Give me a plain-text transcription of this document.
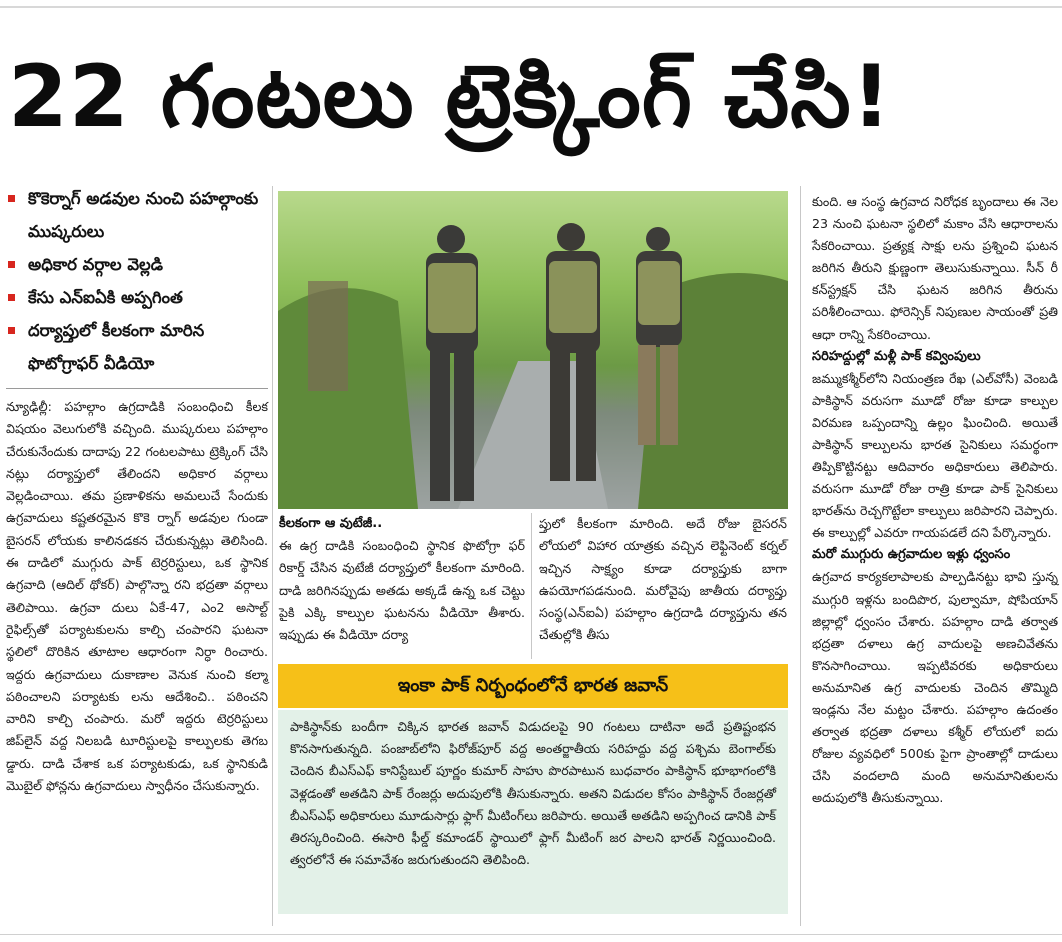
22 గంటలు ట్రెక్కింగ్ చేసి!
కొకెర్నాగ్ అడవుల నుంచి పహల్గాంకు ముష్కరులు
అధికార వర్గాల వెల్లడి
కేసు ఎన్ఐఏకి అప్పగింత
దర్యాప్తులో కీలకంగా మారిన ఫొటోగ్రాఫర్ వీడియో

న్యూఢిల్లీ: పహల్గాం ఉగ్రదాడికి సంబంధించి కీలక విషయం వెలుగులోకి వచ్చింది. ముష్కరులు పహల్గాం చేరుకునేందుకు దాదాపు 22 గంటలపాటు ట్రెక్కింగ్ చేసి నట్లు దర్యాప్తులో తేలిందని అధికార వర్గాలు వెల్లడించాయి. తమ ప్రణాళికను అమలుచే సేందుకు ఉగ్రవాదులు కష్టతరమైన కొకె ర్నాగ్ అడవుల గుండా బైసరన్ లోయకు కాలినడకన చేరుకున్నట్లు తెలిసింది. ఈ దాడిలో ముగ్గురు పాక్ టెర్రరిస్టులు, ఒక స్థానిక ఉగ్రవాది (ఆదిల్ థోకర్) పాల్గొన్నా రని భద్రతా వర్గాలు తెలిపాయి. ఉగ్రవా దులు ఏకే-47, ఎం2 అసాల్ట్ రైఫిల్స్‌తో పర్యాటకులను కాల్చి చంపారని ఘటనా స్థలిలో దొరికిన తూటాల ఆధారంగా నిర్ధా రించారు. ఇద్దరు ఉగ్రవాదులు దుకాణాల వెనుక నుంచి కల్మా పఠించాలని పర్యాటకు లను ఆదేశించి.. పఠించని వారిని కాల్చి చంపారు. మరో ఇద్దరు టెర్రరిస్టులు జిప్‌లైన్ వద్ద నిలబడి టూరిస్టులపై కాల్పులకు తెగబ డ్డారు. దాడి చేశాక ఒక పర్యాటకుడు, ఒక స్థానికుడి మొబైల్ ఫోన్లను ఉగ్రవాదులు స్వాధీనం చేసుకున్నారు.

కీలకంగా ఆ వుటేజీ..

ఈ ఉగ్ర దాడికి సంబంధించి స్థానిక ఫొటోగ్రా ఫర్ రికార్డ్ చేసిన వుటేజీ దర్యాప్తులో కీలకంగా మారింది. దాడి జరిగినప్పుడు అతడు అక్కడే ఉన్న ఒక చెట్టు పైకి ఎక్కి కాల్పుల ఘటనను వీడియో తీశారు. ఇప్పుడు ఈ వీడియో దర్యా

ప్తులో కీలకంగా మారింది. అదే రోజు బైసరన్ లోయలో విహార యాత్రకు వచ్చిన లెఫ్టినెంట్ కర్నల్ ఇచ్చిన సాక్ష్యం కూడా దర్యాప్తుకు బాగా ఉపయోగపడనుంది. మరోవైపు జాతీయ దర్యాప్తు సంస్థ(ఎన్ఐఏ) పహల్గాం ఉగ్రదాడి దర్యాప్తును తన చేతుల్లోకి తీసు

ఇంకా పాక్ నిర్బంధంలోనే భారత జవాన్

పాకిస్థాన్‌కు బందీగా చిక్కిన భారత జవాన్ విడుదలపై 90 గంటలు దాటినా అదే ప్రతిష్టంభన కొనసాగుతున్నది. పంజాబ్‌లోని ఫిరోజ్‌పూర్ వద్ద అంతర్జాతీయ సరిహద్దు వద్ద పశ్చిమ బెంగాల్‌కు చెందిన బీఎస్ఎఫ్ కానిస్టేబుల్ పూర్ణం కుమార్ సాహు పొరపాటున బుధవారం పాకిస్థాన్ భూభాగంలోకి వెళ్లడంతో అతడిని పాక్ రేంజర్లు అదుపులోకి తీసుకున్నారు. అతని విడుదల కోసం పాకిస్థాన్ రేంజర్లతో బీఎస్ఎఫ్ అధికారులు మూడుసార్లు ఫ్లాగ్ మీటింగ్‌లు జరిపారు. అయితే అతడిని అప్పగించ డానికి పాక్ తిరస్కరించింది. ఈసారి ఫీల్డ్ కమాండర్ స్థాయిలో ఫ్లాగ్ మీటింగ్ జర పాలని భారత్ నిర్ణయించింది. త్వరలోనే ఈ సమావేశం జరుగుతుందని తెలిపింది.

కుంది. ఆ సంస్థ ఉగ్రవాద నిరోధక బృందాలు ఈ నెల 23 నుంచి ఘటనా స్థలిలో మకాం వేసి ఆధారాలను సేకరించాయి. ప్రత్యక్ష సాక్షు లను ప్రశ్నించి ఘటన జరిగిన తీరుని క్షుణ్ణంగా తెలుసుకున్నాయి. సీన్ రీ కన్‌స్ట్రక్షన్ చేసి ఘటన జరిగిన తీరును పరిశీలించాయి. ఫోరెన్సిక్ నిపుణుల సాయంతో ప్రతి ఆధా రాన్ని సేకరించాయి.

సరిహద్దుల్లో మళ్లీ పాక్ కవ్వింపులు

జమ్ముకశ్మీర్‌లోని నియంత్రణ రేఖ (ఎల్‌వోసీ) వెంబడి పాకిస్థాన్ వరుసగా మూడో రోజు కూడా కాల్పుల విరమణ ఒప్పందాన్ని ఉల్లం ఘించింది. అయితే పాకిస్థాన్ కాల్పులను భారత సైనికులు సమర్థంగా తిప్పికొట్టినట్టు ఆదివారం అధికారులు తెలిపారు. వరుసగా మూడో రోజు రాత్రి కూడా పాక్ సైనికులు భారత్‌ను రెచ్చగొట్టేలా కాల్పులు జరిపారని చెప్పారు. ఈ కాల్పుల్లో ఎవరూ గాయపడలే దని పేర్కొన్నారు.

మరో ముగ్గురు ఉగ్రవాదుల ఇళ్లు ధ్వంసం

ఉగ్రవాద కార్యకలాపాలకు పాల్పడినట్టు భావి స్తున్న ముగ్గురి ఇళ్లను బందిపొర, పుల్వామా, షోపియాన్ జిల్లాల్లో ధ్వంసం చేశారు. పహల్గాం దాడి తర్వాత భద్రతా దళాలు ఉగ్ర వాదులపై అణచివేతను కొనసాగించాయి. ఇప్పటివరకు అధికారులు అనుమానిత ఉగ్ర వాదులకు చెందిన తొమ్మిది ఇండ్లను నేల మట్టం చేశారు. పహల్గాం ఉదంతం తర్వాత భద్రతా దళాలు కశ్మీర్ లోయలో ఐదు రోజుల వ్యవధిలో 500కు పైగా ప్రాంతాల్లో దాడులు చేసి వందలాది మంది అనుమానితులను అదుపులోకి తీసుకున్నాయి.
